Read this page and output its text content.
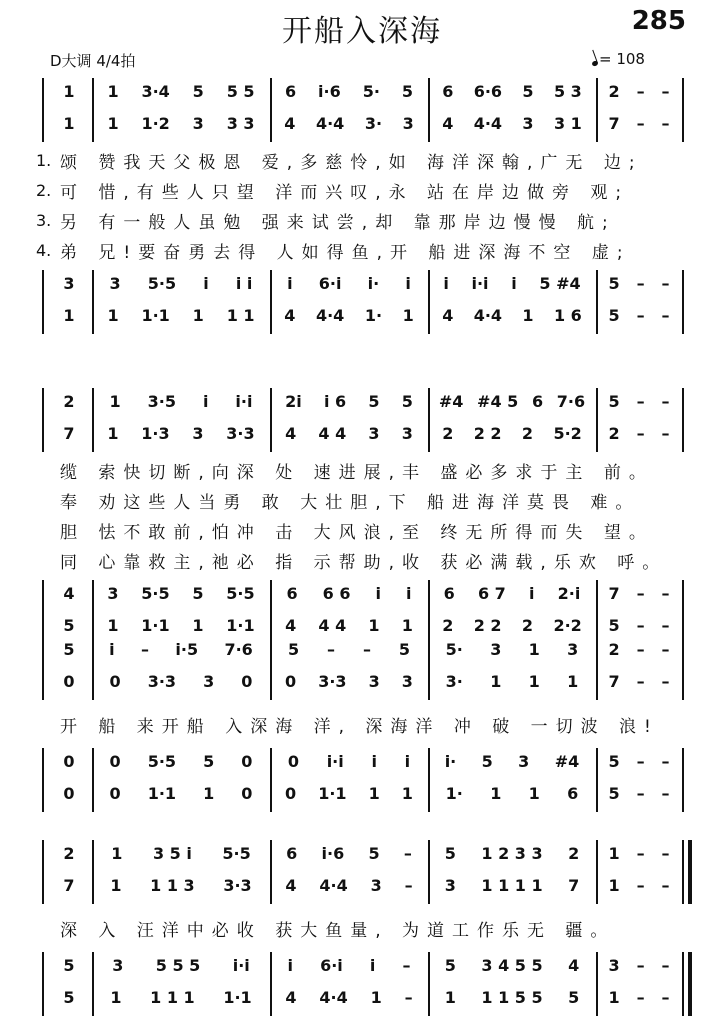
开船入深海	285
D大调 4/4拍	= 108
1 1 3·4 5 5 5 6 i·6 5· 5 6 6·6 5 5 3 2 – –
1 1 1·2 3 3 3 4 4·4 3· 3 4 4·4 3 3 1 7 – –
1. 颂 赞我天父极恩 爱,多慈怜,如 海洋深翰,广无 边;
2. 可 惜,有些人只望 洋而兴叹,永 站在岸边做旁 观;
3. 另 有一般人虽勉 强来试尝,却 靠那岸边慢慢 航;
4. 弟 兄!要奋勇去得 人如得鱼,开 船进深海不空 虚;
3 3 5·5 i i i i 6·i i· i i i·i i 5 #4 5 – –
1 1 1·1 1 1 1 4 4·4 1· 1 4 4·4 1 1 6 5 – –
2 1 3·5 i i·i 2i i 6 5 5 #4 #4 5 6 7·6 5 – –
7 1 1·3 3 3·3 4 4 4 3 3 2 2 2 2 5·2 2 – –
缆 索快切断,向深 处 速进展,丰 盛必多求于主 前。
奉 劝这些人当勇 敢 大壮胆,下 船进海洋莫畏 难。
胆 怯不敢前,怕冲 击 大风浪,至 终无所得而失 望。
同 心靠救主,祂必 指 示帮助,收 获必满载,乐欢 呼。
4 3 5·5 5 5·5 6 6 6 i i 6 6 7 i 2·i 7 – –
5 1 1·1 1 1·1 4 4 4 1 1 2 2 2 2 2·2 5 – –
5 i – i·5 7·6 5 – – 5 5· 3 1 3 2 – –
0 0 3·3 3 0 0 3·3 3 3 3· 1 1 1 7 – –
开 船 来开船 入深海 洋, 深海洋 冲 破 一切波 浪!
0 0 5·5 5 0 0 i·i i i i· 5 3 #4 5 – –
0 0 1·1 1 0 0 1·1 1 1 1· 1 1 6 5 – –
2 1 3 5 i 5·5 6 i·6 5 – 5 1 2 3 3 2 1 – –
7 1 1 1 3 3·3 4 4·4 3 – 3 1 1 1 1 7 1 – –
深 入 汪洋中必收 获大鱼量, 为道工作乐无 疆。
5 3 5 5 5 i·i i 6·i i – 5 3 4 5 5 4 3 – –
5 1 1 1 1 1·1 4 4·4 1 – 1 1 1 5 5 5 1 – –
